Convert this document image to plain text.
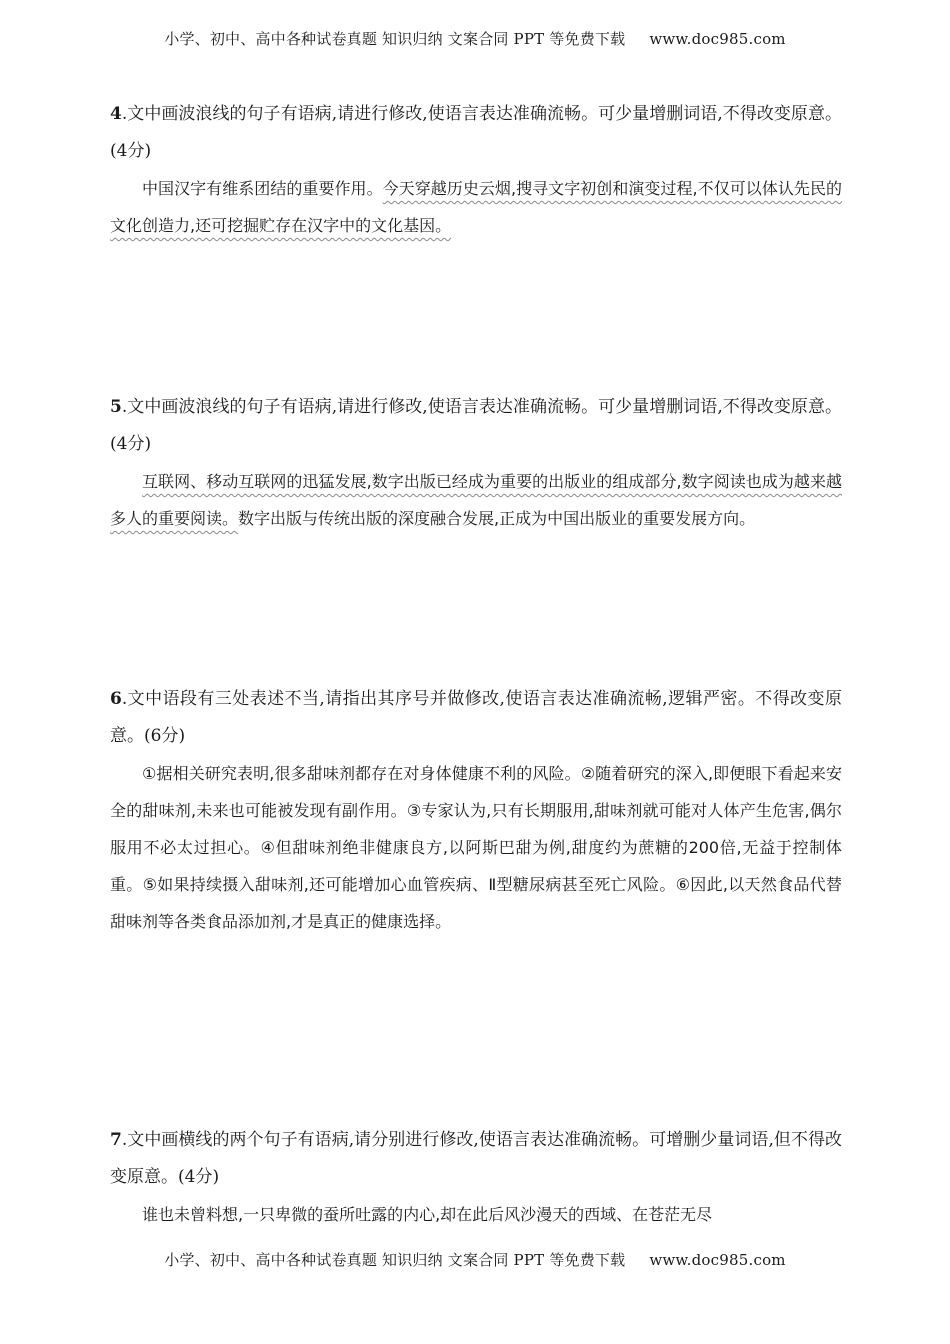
小学、初中、高中各种试卷真题 知识归纳 文案合同 PPT 等免费下载 www.doc985.com

4.文中画波浪线的句子有语病,请进行修改,使语言表达准确流畅。可少量增删词语,不得改变原意。(4分)

中国汉字有维系团结的重要作用。今天穿越历史云烟,搜寻文字初创和演变过程,不仅可以体认先民的文化创造力,还可挖掘贮存在汉字中的文化基因。

5.文中画波浪线的句子有语病,请进行修改,使语言表达准确流畅。可少量增删词语,不得改变原意。(4分)

互联网、移动互联网的迅猛发展,数字出版已经成为重要的出版业的组成部分,数字阅读也成为越来越多人的重要阅读。数字出版与传统出版的深度融合发展,正成为中国出版业的重要发展方向。

6.文中语段有三处表述不当,请指出其序号并做修改,使语言表达准确流畅,逻辑严密。不得改变原意。(6分)

①据相关研究表明,很多甜味剂都存在对身体健康不利的风险。②随着研究的深入,即便眼下看起来安全的甜味剂,未来也可能被发现有副作用。③专家认为,只有长期服用,甜味剂就可能对人体产生危害,偶尔服用不必太过担心。④但甜味剂绝非健康良方,以阿斯巴甜为例,甜度约为蔗糖的200倍,无益于控制体重。⑤如果持续摄入甜味剂,还可能增加心血管疾病、Ⅱ型糖尿病甚至死亡风险。⑥因此,以天然食品代替甜味剂等各类食品添加剂,才是真正的健康选择。

7.文中画横线的两个句子有语病,请分别进行修改,使语言表达准确流畅。可增删少量词语,但不得改变原意。(4分)

谁也未曾料想,一只卑微的蚕所吐露的内心,却在此后风沙漫天的西域、在苍茫无尽

小学、初中、高中各种试卷真题 知识归纳 文案合同 PPT 等免费下载 www.doc985.com
